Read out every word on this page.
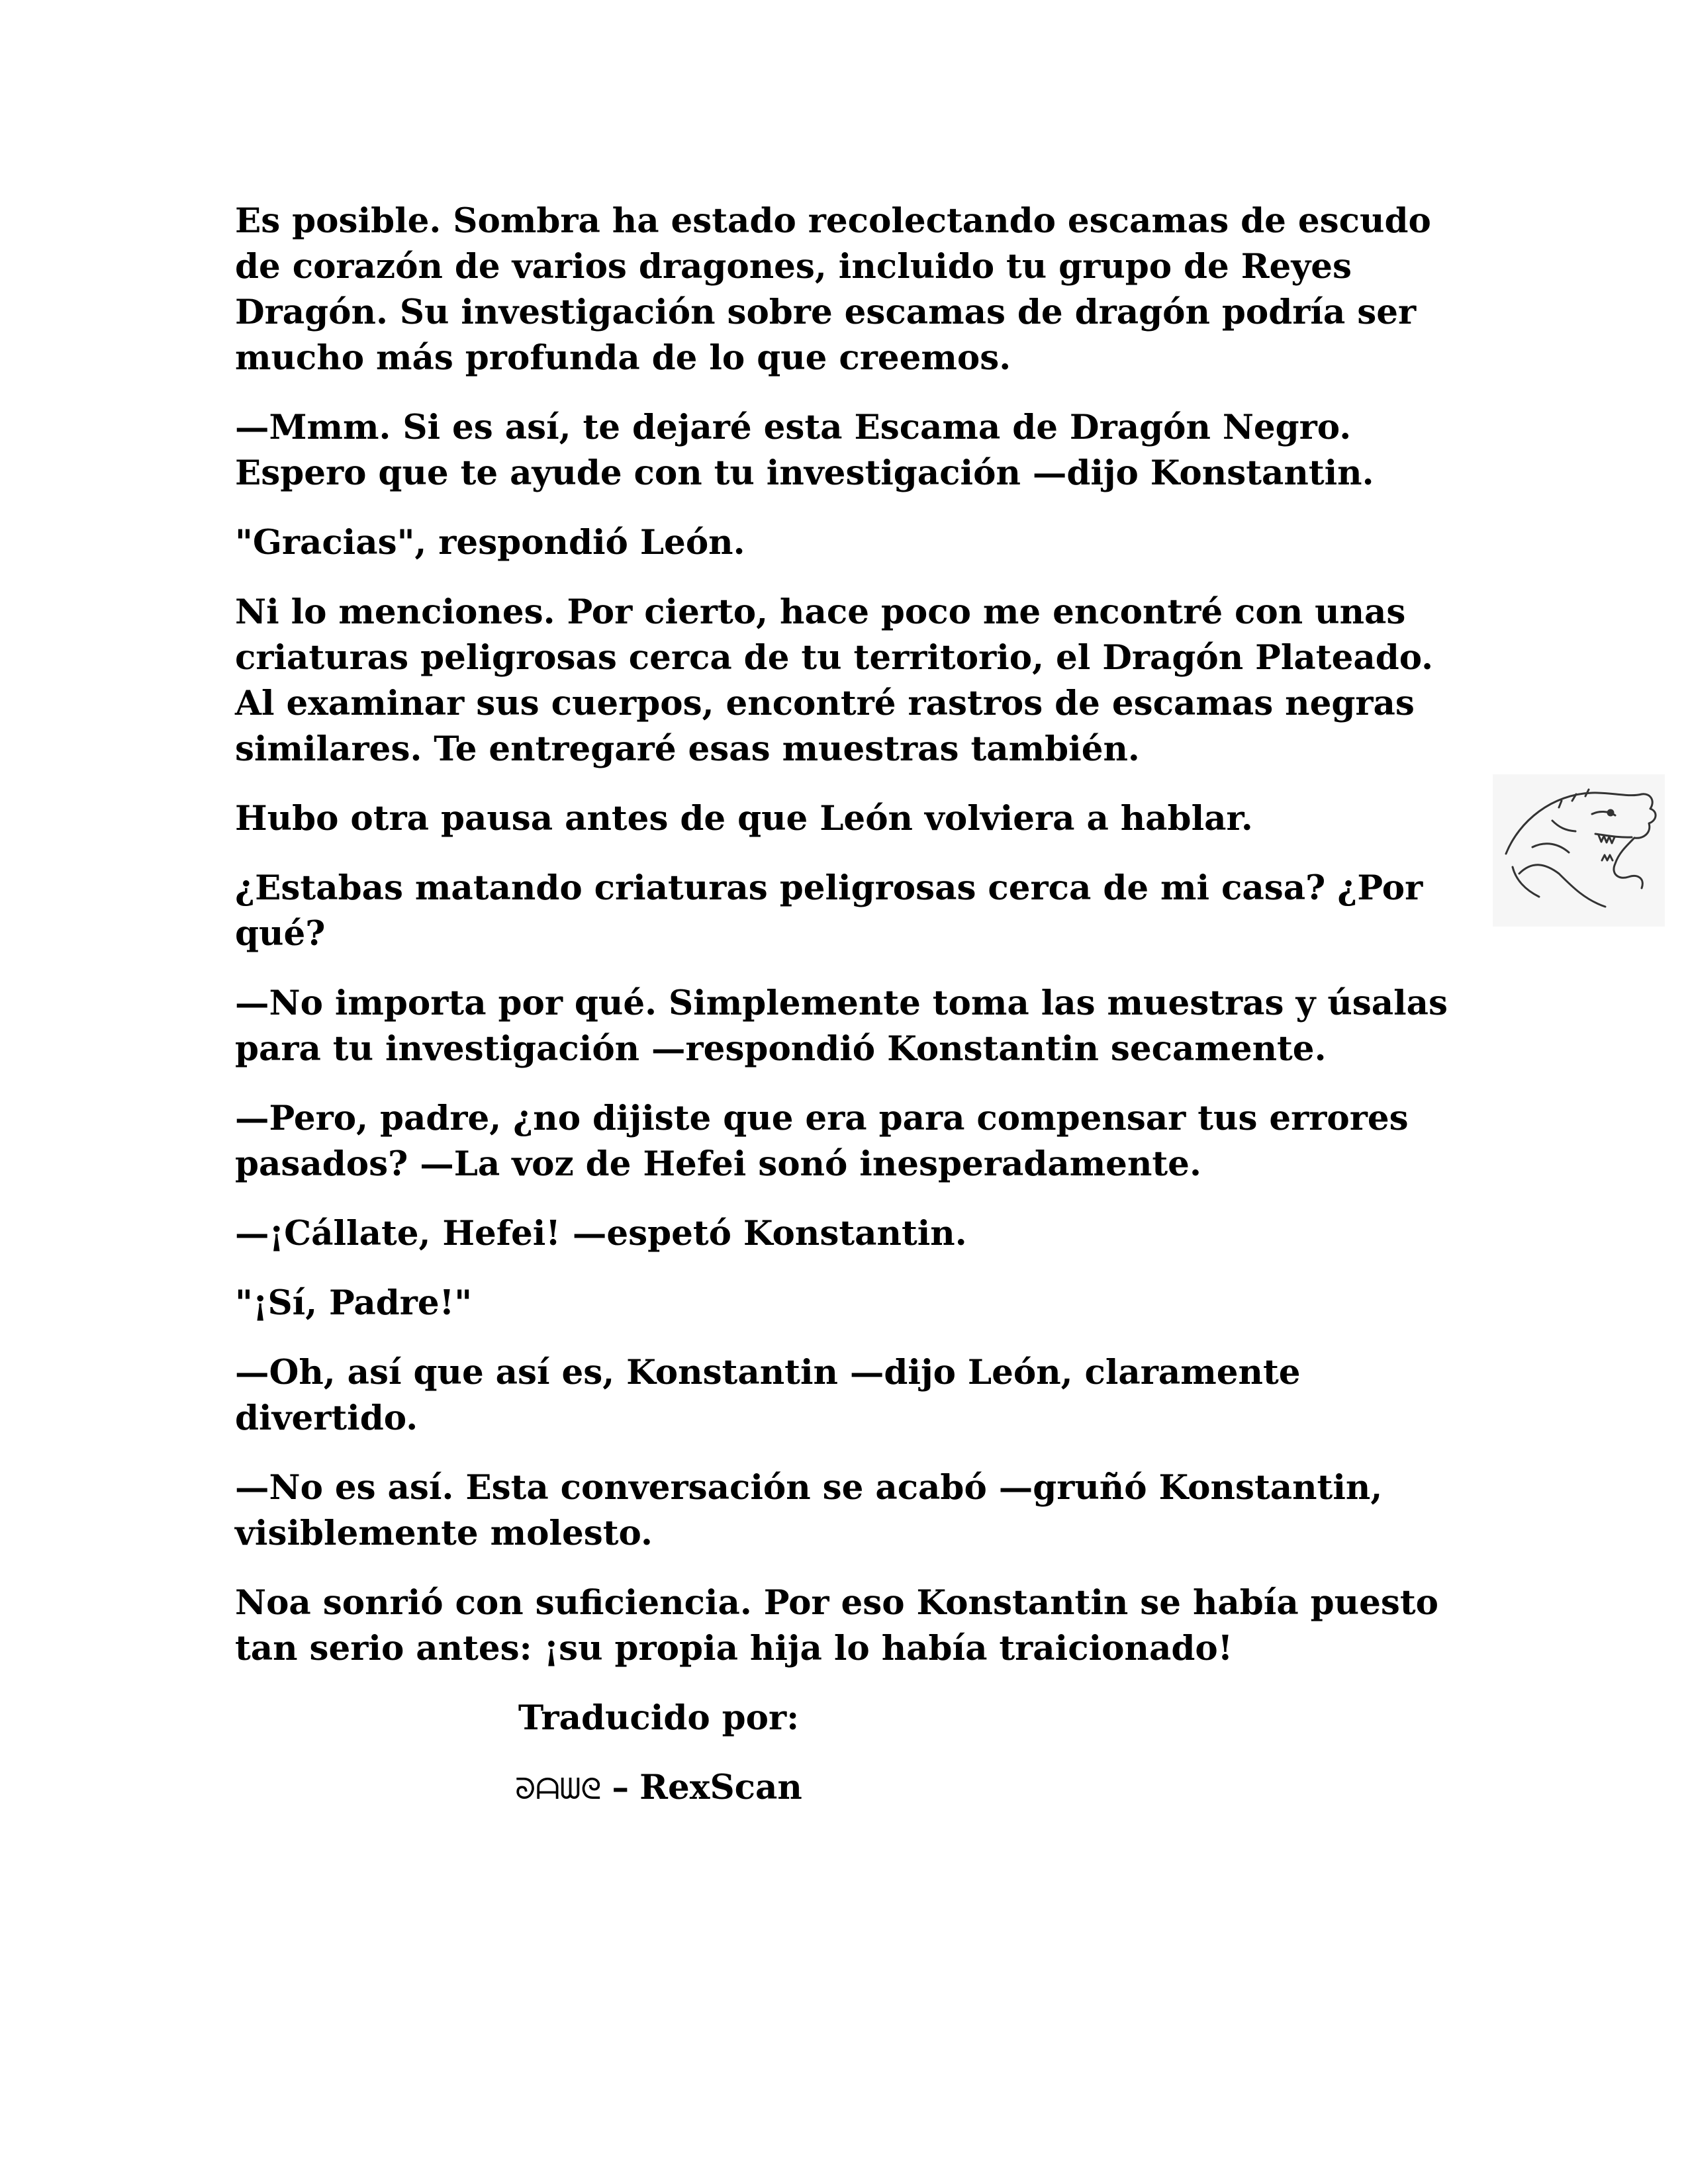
Es posible. Sombra ha estado recolectando escamas de escudo de corazón de varios dragones, incluido tu grupo de Reyes Dragón. Su investigación sobre escamas de dragón podría ser mucho más profunda de lo que creemos.

—Mmm. Si es así, te dejaré esta Escama de Dragón Negro. Espero que te ayude con tu investigación —dijo Konstantin.

"Gracias", respondió León.

Ni lo menciones. Por cierto, hace poco me encontré con unas criaturas peligrosas cerca de tu territorio, el Dragón Plateado. Al examinar sus cuerpos, encontré rastros de escamas negras similares. Te entregaré esas muestras también.

Hubo otra pausa antes de que León volviera a hablar.

¿Estabas matando criaturas peligrosas cerca de mi casa? ¿Por qué?

—No importa por qué. Simplemente toma las muestras y úsalas para tu investigación —respondió Konstantin secamente.

—Pero, padre, ¿no dijiste que era para compensar tus errores pasados? —La voz de Hefei sonó inesperadamente.

—¡Cállate, Hefei! —espetó Konstantin.

"¡Sí, Padre!"

—Oh, así que así es, Konstantin —dijo León, claramente divertido.

—No es así. Esta conversación se acabó —gruñó Konstantin, visiblemente molesto.

Noa sonrió con suficiencia. Por eso Konstantin se había puesto tan serio antes: ¡su propia hija lo había traicionado!

Traducido por:

ᘐᗩᗯᘓ – RexScan
